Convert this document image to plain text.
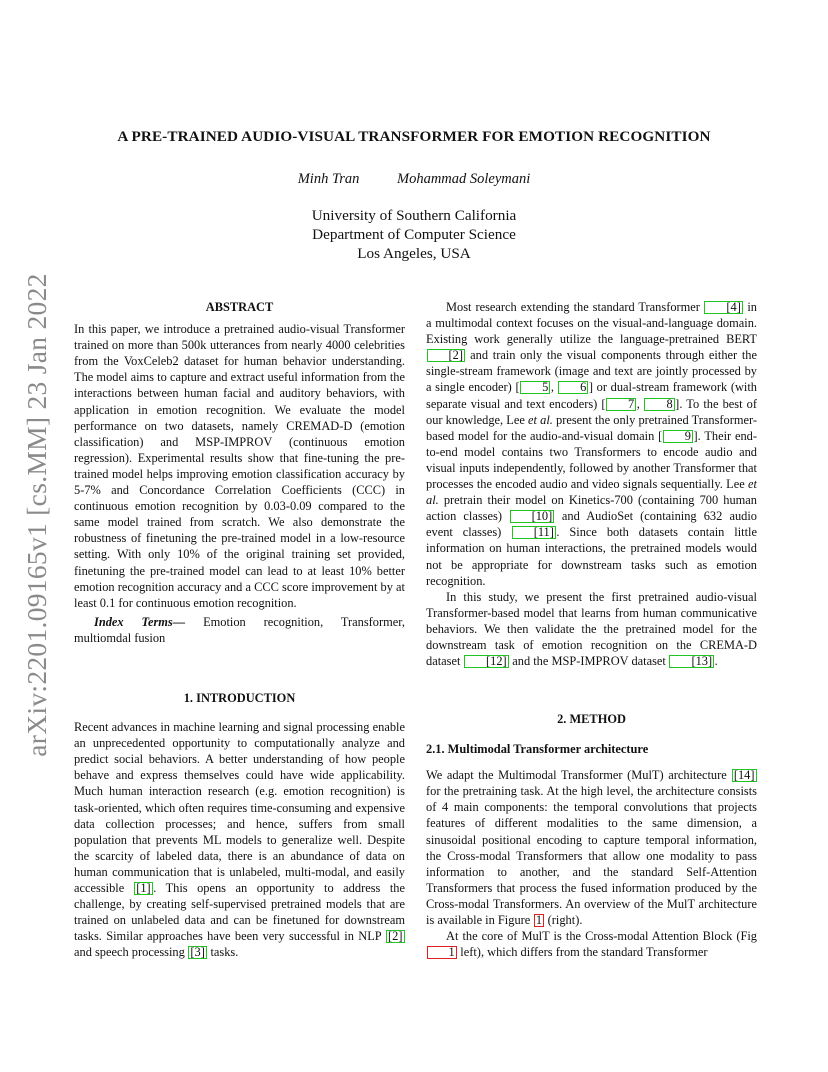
arXiv:2201.09165v1 [cs.MM] 23 Jan 2022
A PRE-TRAINED AUDIO-VISUAL TRANSFORMER FOR EMOTION RECOGNITION
Minh Tran	Mohammad Soleymani
University of Southern California
Department of Computer Science
Los Angeles, USA

ABSTRACT

In this paper, we introduce a pretrained audio-visual Transformer trained on more than 500k utterances from nearly 4000 celebrities from the VoxCeleb2 dataset for human behavior understanding. The model aims to capture and extract useful information from the interactions between human facial and auditory behaviors, with application in emotion recognition. We evaluate the model performance on two datasets, namely CREMAD-D (emotion classification) and MSP-IMPROV (continuous emotion regression). Experimental results show that fine-tuning the pre-trained model helps improving emotion classification accuracy by 5-7% and Concordance Correlation Coefficients (CCC) in continuous emotion recognition by 0.03-0.09 compared to the same model trained from scratch. We also demonstrate the robustness of finetuning the pre-trained model in a low-resource setting. With only 10% of the original training set provided, finetuning the pre-trained model can lead to at least 10% better emotion recognition accuracy and a CCC score improvement by at least 0.1 for continuous emotion recognition.

Index Terms— Emotion recognition, Transformer, multiomdal fusion

1. INTRODUCTION

Recent advances in machine learning and signal processing enable an unprecedented opportunity to computationally analyze and predict social behaviors. A better understanding of how people behave and express themselves could have wide applicability. Much human interaction research (e.g. emotion recognition) is task-oriented, which often requires time-consuming and expensive data collection processes; and hence, suffers from small population that prevents ML models to generalize well. Despite the scarcity of labeled data, there is an abundance of data on human communication that is unlabeled, multi-modal, and easily accessible [1] . This opens an opportunity to address the challenge, by creating self-supervised pretrained models that are trained on unlabeled data and can be finetuned for downstream tasks. Similar approaches have been very successful in NLP [2] and speech processing [3] tasks.

Most research extending the standard Transformer [4] in a multimodal context focuses on the visual-and-language domain. Existing work generally utilize the language-pretrained BERT [2] and train only the visual components through either the single-stream framework (image and text are jointly processed by a single encoder) [ 5 , 6 ] or dual-stream framework (with separate visual and text encoders) [ 7 , 8 ]. To the best of our knowledge, Lee et al. present the only pretrained Transformer-based model for the audio-and-visual domain [ 9 ]. Their end-to-end model contains two Transformers to encode audio and visual inputs independently, followed by another Transformer that processes the encoded audio and video signals sequentially. Lee et al. pretrain their model on Kinetics-700 (containing 700 human action classes) [10] and AudioSet (containing 632 audio event classes) [11] . Since both datasets contain little information on human interactions, the pretrained models would not be appropriate for downstream tasks such as emotion recognition.

In this study, we present the first pretrained audio-visual Transformer-based model that learns from human communicative behaviors. We then validate the the pretrained model for the downstream task of emotion recognition on the CREMA-D dataset [12] and the MSP-IMPROV dataset [13] .

2. METHOD

2.1. Multimodal Transformer architecture

We adapt the Multimodal Transformer (MulT) architecture [14] for the pretraining task. At the high level, the architecture consists of 4 main components: the temporal convolutions that projects features of different modalities to the same dimension, a sinusoidal positional encoding to capture temporal information, the Cross-modal Transformers that allow one modality to pass information to another, and the standard Self-Attention Transformers that process the fused information produced by the Cross-modal Transformers. An overview of the MulT architecture is available in Figure 1 (right).

At the core of MulT is the Cross-modal Attention Block (Fig 1 left), which differs from the standard Transformer
